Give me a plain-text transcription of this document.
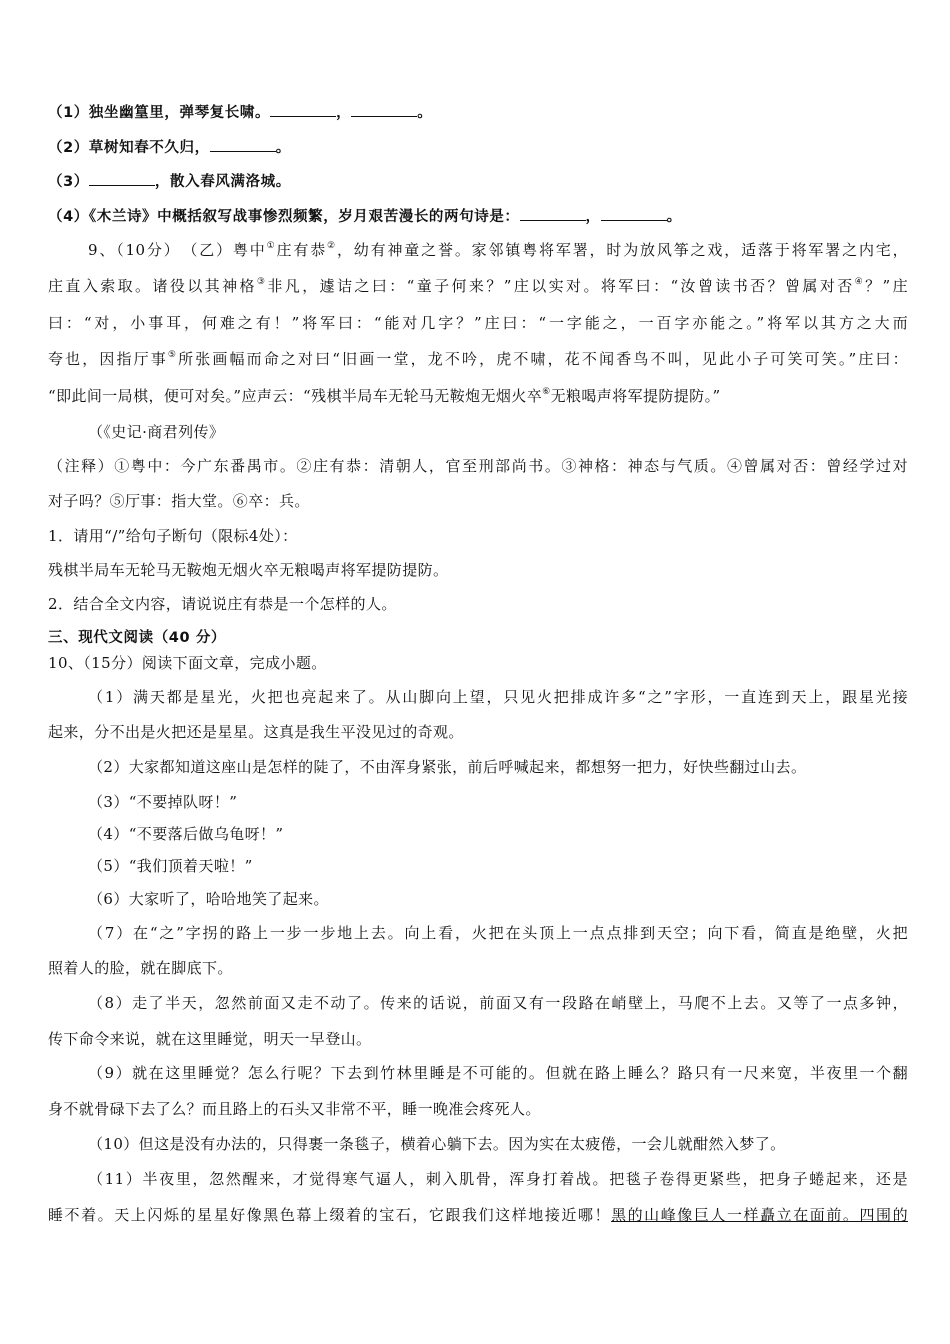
（1）独坐幽篁里，弹琴复长啸。	，	。
（2）草树知春不久归，	。
（3）	，散入春风满洛城。
（4）《木兰诗》中概括叙写战事惨烈频繁，岁月艰苦漫长的两句诗是：	，	。
9、（10分）　（乙）粤中①庄有恭②，幼有神童之誉。家邻镇粤将军署，时为放风筝之戏，适落于将军署之内宅，
庄直入索取。诸役以其神格③非凡，遽诘之曰：“童子何来？”庄以实对。将军曰：“汝曾读书否？曾属对否④？”庄
曰：“对，小事耳，何难之有！”将军曰：“能对几字？”庄曰：“一字能之，一百字亦能之。”将军以其方之大而
夸也，因指厅事⑤所张画幅而命之对曰“旧画一堂，龙不吟，虎不啸，花不闻香鸟不叫，见此小子可笑可笑。”庄曰：
“即此间一局棋，便可对矣。”应声云：“残棋半局车无轮马无鞍炮无烟火卒⑥无粮喝声将军提防提防。”
（《史记·商君列传》
（注释）①粤中：今广东番禺市。②庄有恭：清朝人，官至刑部尚书。③神格：神态与气质。④曾属对否：曾经学过对
对子吗？⑤厅事：指大堂。⑥卒：兵。
1．请用“/”给句子断句（限标4处）：
残棋半局车无轮马无鞍炮无烟火卒无粮喝声将军提防提防。
2．结合全文内容，请说说庄有恭是一个怎样的人。
三、现代文阅读（40 分）
10、（15分）阅读下面文章，完成小题。
（1）满天都是星光，火把也亮起来了。从山脚向上望，只见火把排成许多“之”字形，一直连到天上，跟星光接
起来，分不出是火把还是星星。这真是我生平没见过的奇观。
（2）大家都知道这座山是怎样的陡了，不由浑身紧张，前后呼喊起来，都想努一把力，好快些翻过山去。
（3）“不要掉队呀！”
（4）“不要落后做乌龟呀！”
（5）“我们顶着天啦！”
（6）大家听了，哈哈地笑了起来。
（7）在“之”字拐的路上一步一步地上去。向上看，火把在头顶上一点点排到天空；向下看，简直是绝壁，火把
照着人的脸，就在脚底下。
（8）走了半天，忽然前面又走不动了。传来的话说，前面又有一段路在峭壁上，马爬不上去。又等了一点多钟，
传下命令来说，就在这里睡觉，明天一早登山。
（9）就在这里睡觉？怎么行呢？下去到竹林里睡是不可能的。但就在路上睡么？路只有一尺来宽，半夜里一个翻
身不就骨碌下去了么？而且路上的石头又非常不平，睡一晚准会疼死人。
（10）但这是没有办法的，只得裹一条毯子，横着心躺下去。因为实在太疲倦，一会儿就酣然入梦了。
（11）半夜里，忽然醒来，才觉得寒气逼人，刺入肌骨，浑身打着战。把毯子卷得更紧些，把身子蜷起来，还是
睡不着。天上闪烁的星星好像黑色幕上缀着的宝石，它跟我们这样地接近哪！黑的山峰像巨人一样矗立在面前。四围的
